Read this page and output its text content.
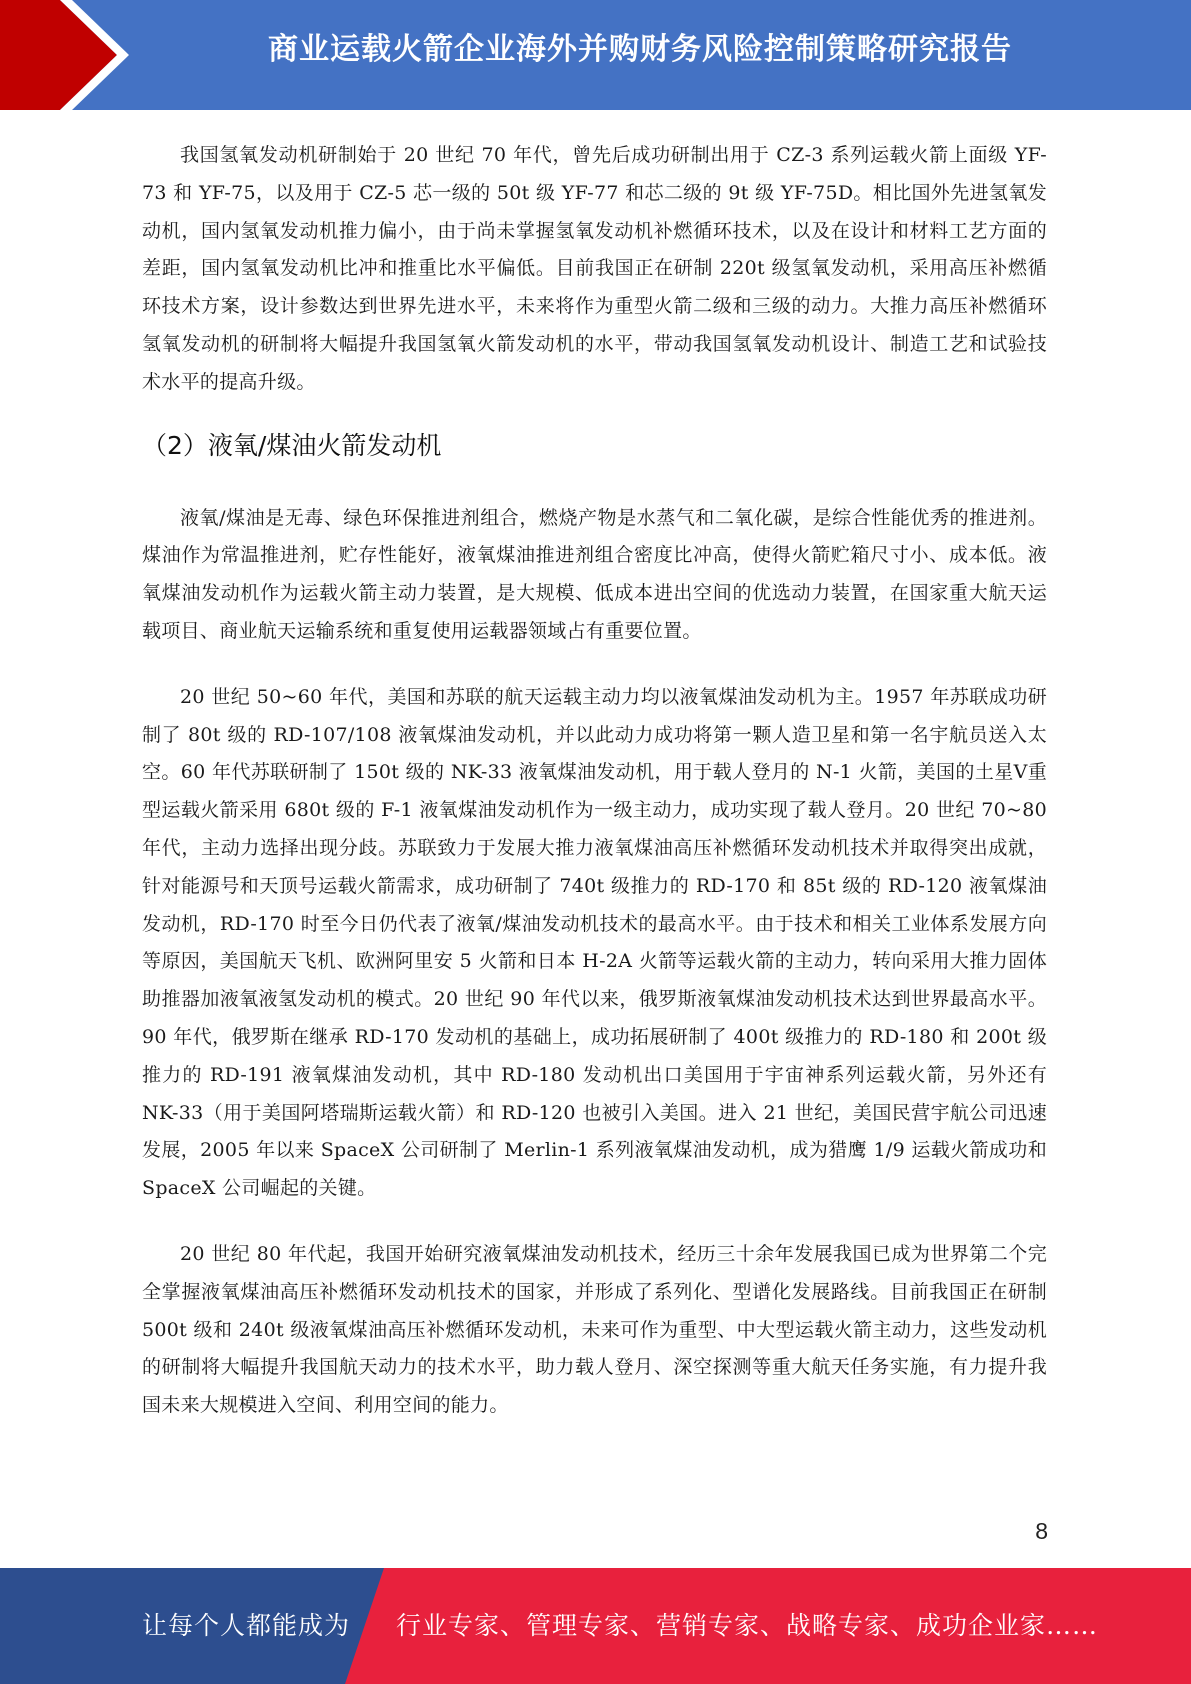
商业运载火箭企业海外并购财务风险控制策略研究报告

我国氢氧发动机研制始于 20 世纪 70 年代，曾先后成功研制出用于 CZ-3 系列运载火箭上面级 YF-73 和 YF-75，以及用于 CZ-5 芯一级的 50t 级 YF-77 和芯二级的 9t 级 YF-75D。相比国外先进氢氧发动机，国内氢氧发动机推力偏小，由于尚未掌握氢氧发动机补燃循环技术，以及在设计和材料工艺方面的差距，国内氢氧发动机比冲和推重比水平偏低。目前我国正在研制 220t 级氢氧发动机，采用高压补燃循环技术方案，设计参数达到世界先进水平，未来将作为重型火箭二级和三级的动力。大推力高压补燃循环氢氧发动机的研制将大幅提升我国氢氧火箭发动机的水平，带动我国氢氧发动机设计、制造工艺和试验技术水平的提高升级。

（2）液氧/煤油火箭发动机

液氧/煤油是无毒、绿色环保推进剂组合，燃烧产物是水蒸气和二氧化碳，是综合性能优秀的推进剂。煤油作为常温推进剂，贮存性能好，液氧煤油推进剂组合密度比冲高，使得火箭贮箱尺寸小、成本低。液氧煤油发动机作为运载火箭主动力装置，是大规模、低成本进出空间的优选动力装置，在国家重大航天运载项目、商业航天运输系统和重复使用运载器领域占有重要位置。

20 世纪 50~60 年代，美国和苏联的航天运载主动力均以液氧煤油发动机为主。1957 年苏联成功研制了 80t 级的 RD-107/108 液氧煤油发动机，并以此动力成功将第一颗人造卫星和第一名宇航员送入太空。60 年代苏联研制了 150t 级的 NK-33 液氧煤油发动机，用于载人登月的 N-1 火箭，美国的土星Ⅴ重型运载火箭采用 680t 级的 F-1 液氧煤油发动机作为一级主动力，成功实现了载人登月。20 世纪 70~80 年代，主动力选择出现分歧。苏联致力于发展大推力液氧煤油高压补燃循环发动机技术并取得突出成就，针对能源号和天顶号运载火箭需求，成功研制了 740t 级推力的 RD-170 和 85t 级的 RD-120 液氧煤油发动机，RD-170 时至今日仍代表了液氧/煤油发动机技术的最高水平。由于技术和相关工业体系发展方向等原因，美国航天飞机、欧洲阿里安 5 火箭和日本 H-2A 火箭等运载火箭的主动力，转向采用大推力固体助推器加液氧液氢发动机的模式。20 世纪 90 年代以来，俄罗斯液氧煤油发动机技术达到世界最高水平。90 年代，俄罗斯在继承 RD-170 发动机的基础上，成功拓展研制了 400t 级推力的 RD-180 和 200t 级推力的 RD-191 液氧煤油发动机，其中 RD-180 发动机出口美国用于宇宙神系列运载火箭，另外还有 NK-33（用于美国阿塔瑞斯运载火箭）和 RD-120 也被引入美国。进入 21 世纪，美国民营宇航公司迅速发展，2005 年以来 SpaceX 公司研制了 Merlin-1 系列液氧煤油发动机，成为猎鹰 1/9 运载火箭成功和 SpaceX 公司崛起的关键。

20 世纪 80 年代起，我国开始研究液氧煤油发动机技术，经历三十余年发展我国已成为世界第二个完全掌握液氧煤油高压补燃循环发动机技术的国家，并形成了系列化、型谱化发展路线。目前我国正在研制 500t 级和 240t 级液氧煤油高压补燃循环发动机，未来可作为重型、中大型运载火箭主动力，这些发动机的研制将大幅提升我国航天动力的技术水平，助力载人登月、深空探测等重大航天任务实施，有力提升我国未来大规模进入空间、利用空间的能力。

8
让每个人都能成为 行业专家、管理专家、营销专家、战略专家、成功企业家……
